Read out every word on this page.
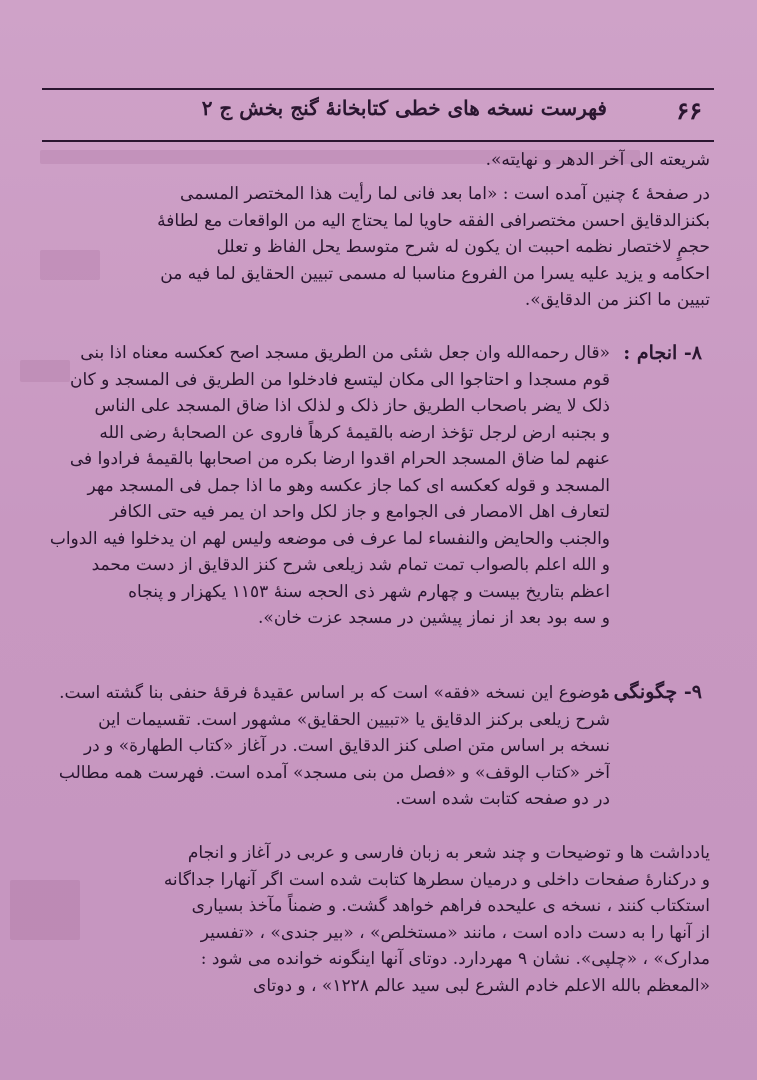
۶۶
فهرست نسخه های خطی کتابخانهٔ گنج بخش ج ۲
شریعته الی آخر الدهر و نهایته».
در صفحهٔ ٤ چنین آمده است : «اما بعد فانی لما رأیت هذا المختصر المسمی
بکنزالدقایق احسن مختصرافی الفقه حاویا لما یحتاج الیه من الواقعات مع لطافهٔ
حجمٍ لاختصار نظمه احببت ان یکون له شرح متوسط یحل الفاظ و تعلل
احکامه و یزید علیه یسرا من الفروع مناسبا له مسمی تبیین الحقایق لما فیه من
تبیین ما اکنز من الدقایق».
۸- انجام :
«قال رحمه‌الله وان جعل شئی من الطریق مسجد اصح کعکسه معناه اذا بنی
قوم مسجدا و احتاجوا الی مکان لیتسع فادخلوا من الطریق فی المسجد و کان
ذلک لا یضر باصحاب الطریق حاز ذلک و لذلک اذا ضاق المسجد علی الناس
و بجنبه ارض لرجل تؤخذ ارضه بالقیمهٔ کرهاً فاروی عن الصحابهٔ رضی الله
عنهم لما ضاق المسجد الحرام اقدوا ارضا بکره من اصحابها بالقیمهٔ فرادوا فی
المسجد و قوله کعکسه ای کما جاز عکسه وهو ما اذا جمل فی المسجد مهر
لتعارف اهل الامصار فی الجوامع و جاز لکل واحد ان یمر فیه حتی الکافر
والجنب والحایض والنفساء لما عرف فی موضعه ولیس لهم ان یدخلوا فیه الدواب
و الله اعلم بالصواب تمت تمام شد زیلعی شرح کنز الدقایق از دست محمد
اعظم بتاریخ بیست و چهارم شهر ذی الحجه سنهٔ ١١٥٣ یکهزار و پنجاه
و سه بود بعد از نماز پیشین در مسجد عزت خان».
۹- چگونگی :
موضوع این نسخه «فقه» است که بر اساس عقیدهٔ فرقهٔ حنفی بنا گشته است.
شرح زیلعی برکنز الدقایق یا «تبیین الحقایق» مشهور است. تقسیمات این
نسخه بر اساس متن اصلی کنز الدقایق است. در آغاز «کتاب الطهارة» و در
آخر «کتاب الوقف» و «فصل من بنی مسجد» آمده است. فهرست همه مطالب
در دو صفحه کتابت شده است.
یادداشت ها و توضیحات و چند شعر به زبان فارسی و عربی در آغاز و انجام
و درکنارهٔ صفحات داخلی و درمیان سطرها کتابت شده است اگر آنهارا جداگانه
استکتاب کنند ، نسخه ی علیحده فراهم خواهد گشت. و ضمناً مآخذ بسیاری
از آنها را به دست داده است ، مانند «مستخلص» ، «بیر جندی» ، «تفسیر
مدارک» ، «چلپی». نشان ۹ مهردارد. دوتای آنها اینگونه خوانده می شود :
«المعظم بالله الاعلم خادم الشرع لبی سید عالم ۱۲۲۸» ، و دوتای
